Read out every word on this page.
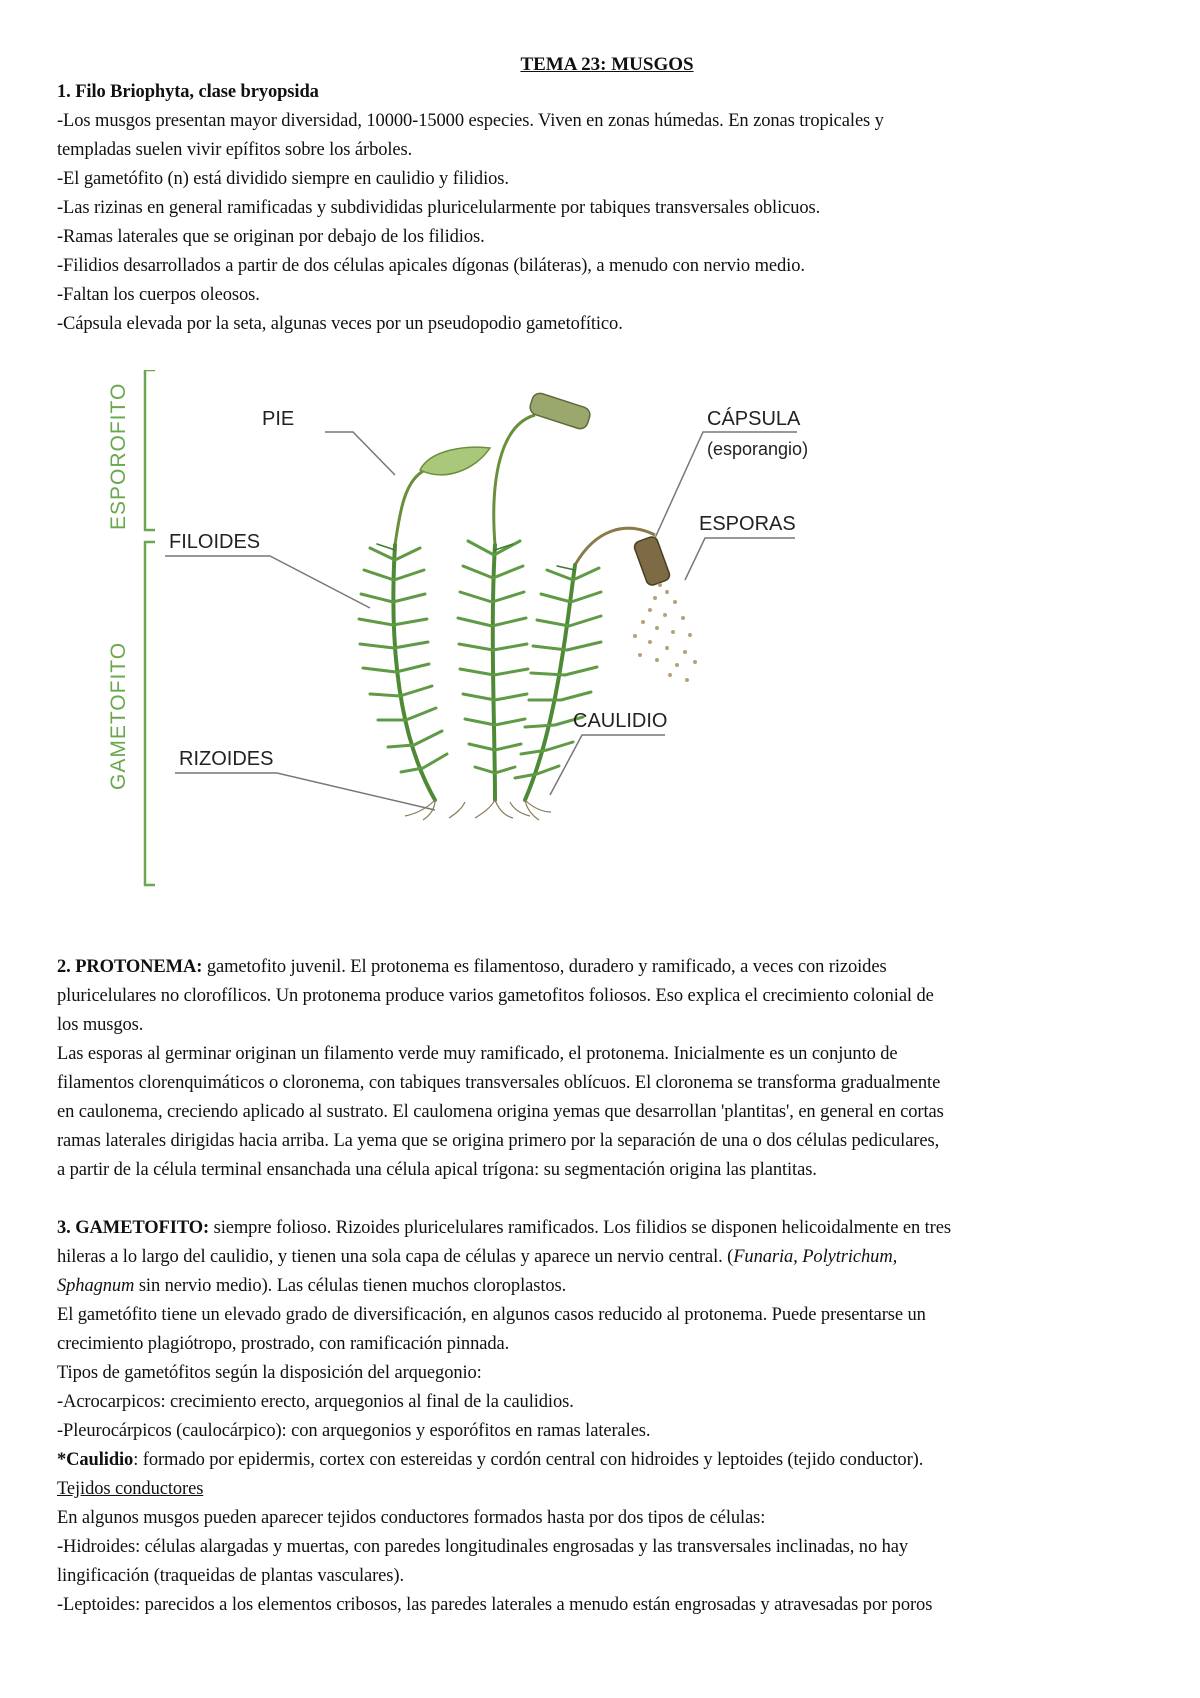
TEMA 23: MUSGOS

1. Filo Briophyta, clase bryopsida

-Los musgos presentan mayor diversidad, 10000-15000 especies. Viven en zonas húmedas. En zonas tropicales y

templadas suelen vivir epífitos sobre los árboles.

-El gametófito (n) está dividido siempre en caulidio y filidios.

-Las rizinas en general ramificadas y subdivididas pluricelularmente por tabiques transversales oblicuos.

-Ramas laterales que se originan por debajo de los filidios.

-Filidios desarrollados a partir de dos células apicales dígonas (biláteras), a menudo con nervio medio.

-Faltan los cuerpos oleosos.

-Cápsula elevada por la seta, algunas veces por un pseudopodio gametofítico.

ESPOROFITO
GAMETOFITO
PIE	CÁPSULA
(esporangio)
ESPORAS
FILOIDES
CAULIDIO
RIZOIDES

2. PROTONEMA: gametofito juvenil. El protonema es filamentoso, duradero y ramificado, a veces con rizoides

pluricelulares no clorofílicos. Un protonema produce varios gametofitos foliosos. Eso explica el crecimiento colonial de

los musgos.

Las esporas al germinar originan un filamento verde muy ramificado, el protonema. Inicialmente es un conjunto de

filamentos clorenquimáticos o cloronema, con tabiques transversales oblícuos. El cloronema se transforma gradualmente

en caulonema, creciendo aplicado al sustrato. El caulomena origina yemas que desarrollan 'plantitas', en general en cortas

ramas laterales dirigidas hacia arriba. La yema que se origina primero por la separación de una o dos células pediculares,

a partir de la célula terminal ensanchada una célula apical trígona: su segmentación origina las plantitas.

3. GAMETOFITO: siempre folioso. Rizoides pluricelulares ramificados. Los filidios se disponen helicoidalmente en tres

hileras a lo largo del caulidio, y tienen una sola capa de células y aparece un nervio central. (Funaria, Polytrichum,

Sphagnum sin nervio medio). Las células tienen muchos cloroplastos.

El gametófito tiene un elevado grado de diversificación, en algunos casos reducido al protonema. Puede presentarse un

crecimiento plagiótropo, prostrado, con ramificación pinnada.

Tipos de gametófitos según la disposición del arquegonio:

-Acrocarpicos: crecimiento erecto, arquegonios al final de la caulidios.

-Pleurocárpicos (caulocárpico): con arquegonios y esporófitos en ramas laterales.

*Caulidio: formado por epidermis, cortex con estereidas y cordón central con hidroides y leptoides (tejido conductor).

Tejidos conductores

En algunos musgos pueden aparecer tejidos conductores formados hasta por dos tipos de células:

-Hidroides: células alargadas y muertas, con paredes longitudinales engrosadas y las transversales inclinadas, no hay

lingificación (traqueidas de plantas vasculares).

-Leptoides: parecidos a los elementos cribosos, las paredes laterales a menudo están engrosadas y atravesadas por poros
